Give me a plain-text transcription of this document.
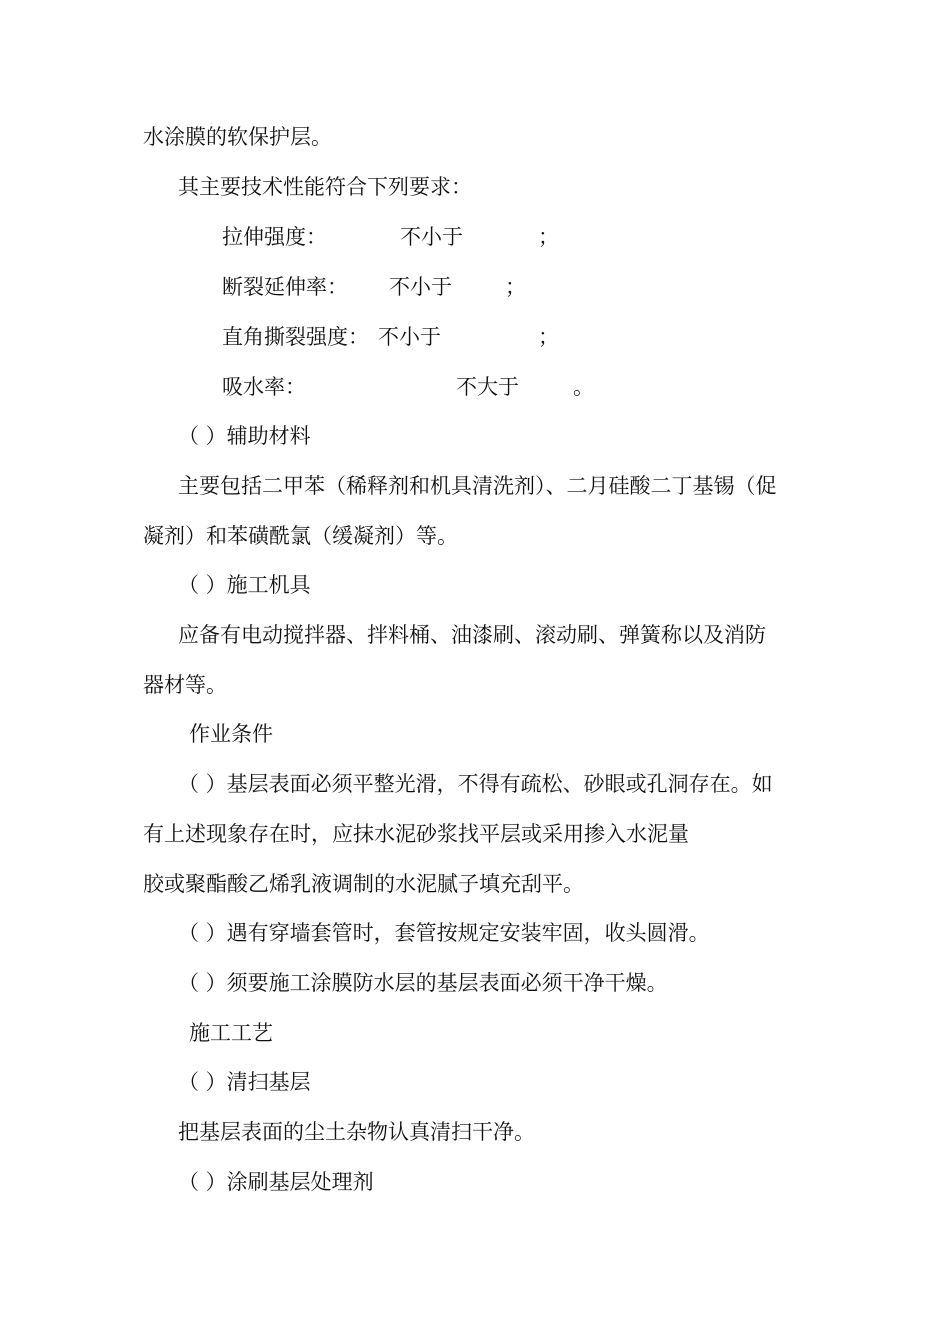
水涂膜的软保护层。
其主要技术性能符合下列要求：
拉伸强度：	不小于	；
断裂延伸率： 不小于	；
直角撕裂强度： 不小于	；
吸水率：	不大于	。
（ ）辅助材料
主要包括二甲苯（稀释剂和机具清洗剂）、二月硅酸二丁基锡（促
凝剂）和苯磺酰氯（缓凝剂）等。
（ ）施工机具
应备有电动搅拌器、拌料桶、油漆刷、滚动刷、弹簧称以及消防
器材等。
作业条件
（ ）基层表面必须平整光滑，不得有疏松、砂眼或孔洞存在。如
有上述现象存在时，应抹水泥砂浆找平层或采用掺入水泥量
胶或聚酯酸乙烯乳液调制的水泥腻子填充刮平。
（ ）遇有穿墙套管时，套管按规定安装牢固，收头圆滑。
（ ）须要施工涂膜防水层的基层表面必须干净干燥。
施工工艺
（ ）清扫基层
把基层表面的尘土杂物认真清扫干净。
（ ）涂刷基层处理剂
